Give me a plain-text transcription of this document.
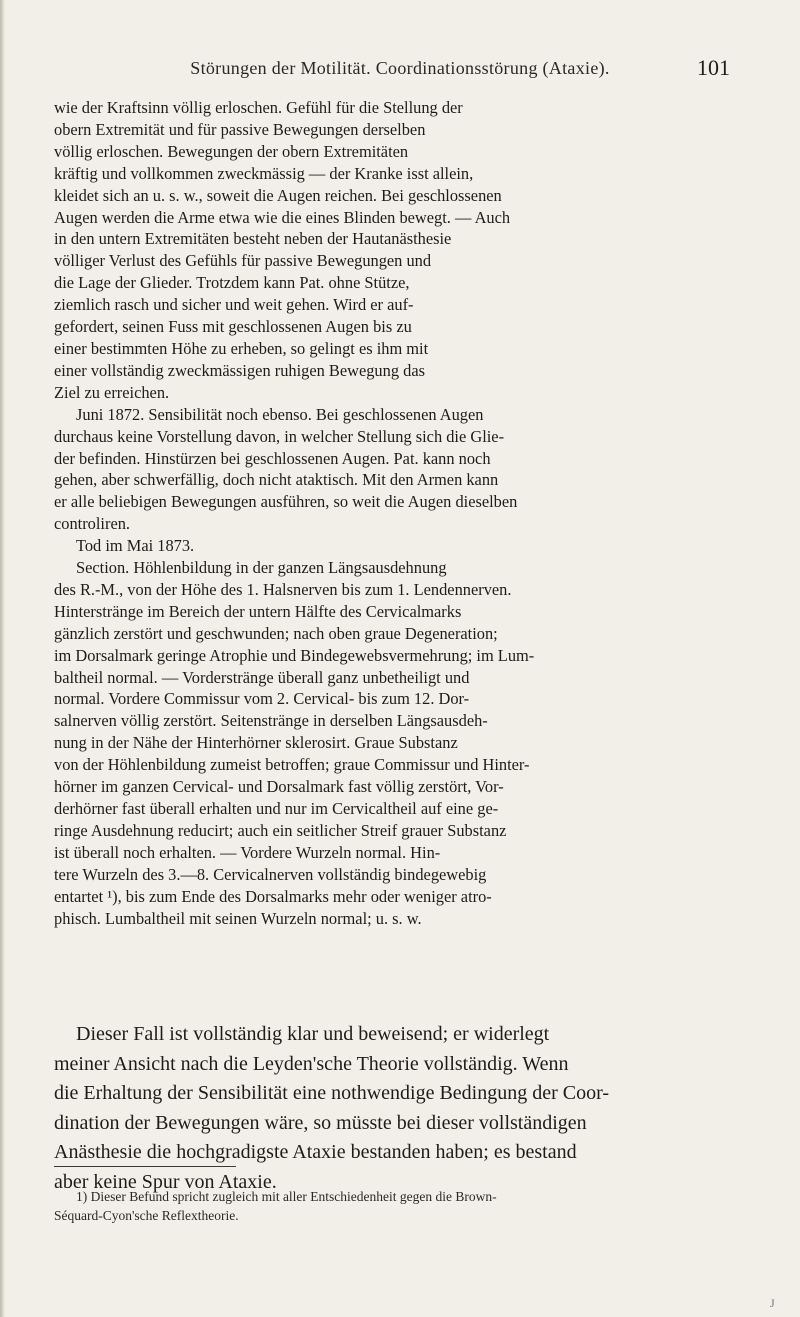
Störungen der Motilität. Coordinationsstörung (Ataxie).	101
wie der Kraftsinn völlig erloschen. Gefühl für die Stellung der
obern Extremität und für passive Bewegungen derselben
völlig erloschen. Bewegungen der obern Extremitäten
kräftig und vollkommen zweckmässig — der Kranke isst allein,
kleidet sich an u. s. w., soweit die Augen reichen. Bei geschlossenen
Augen werden die Arme etwa wie die eines Blinden bewegt. — Auch
in den untern Extremitäten besteht neben der Hautanästhesie
völliger Verlust des Gefühls für passive Bewegungen und
die Lage der Glieder. Trotzdem kann Pat. ohne Stütze,
ziemlich rasch und sicher und weit gehen. Wird er auf-
gefordert, seinen Fuss mit geschlossenen Augen bis zu
einer bestimmten Höhe zu erheben, so gelingt es ihm mit
einer vollständig zweckmässigen ruhigen Bewegung das
Ziel zu erreichen.
Juni 1872. Sensibilität noch ebenso. Bei geschlossenen Augen
durchaus keine Vorstellung davon, in welcher Stellung sich die Glie-
der befinden. Hinstürzen bei geschlossenen Augen. Pat. kann noch
gehen, aber schwerfällig, doch nicht ataktisch. Mit den Armen kann
er alle beliebigen Bewegungen ausführen, so weit die Augen dieselben
controliren.
Tod im Mai 1873.
Section. Höhlenbildung in der ganzen Längsausdehnung
des R.-M., von der Höhe des 1. Halsnerven bis zum 1. Lendennerven.
Hinterstränge im Bereich der untern Hälfte des Cervicalmarks
gänzlich zerstört und geschwunden; nach oben graue Degeneration;
im Dorsalmark geringe Atrophie und Bindegewebsvermehrung; im Lum-
baltheil normal. — Vorderstränge überall ganz unbetheiligt und
normal. Vordere Commissur vom 2. Cervical- bis zum 12. Dor-
salnerven völlig zerstört. Seitenstränge in derselben Längsausdeh-
nung in der Nähe der Hinterhörner sklerosirt. Graue Substanz
von der Höhlenbildung zumeist betroffen; graue Commissur und Hinter-
hörner im ganzen Cervical- und Dorsalmark fast völlig zerstört, Vor-
derhörner fast überall erhalten und nur im Cervicaltheil auf eine ge-
ringe Ausdehnung reducirt; auch ein seitlicher Streif grauer Substanz
ist überall noch erhalten. — Vordere Wurzeln normal. Hin-
tere Wurzeln des 3.—8. Cervicalnerven vollständig bindegewebig
entartet ¹), bis zum Ende des Dorsalmarks mehr oder weniger atro-
phisch. Lumbaltheil mit seinen Wurzeln normal; u. s. w.
Dieser Fall ist vollständig klar und beweisend; er widerlegt
meiner Ansicht nach die Leyden'sche Theorie vollständig. Wenn
die Erhaltung der Sensibilität eine nothwendige Bedingung der Coor-
dination der Bewegungen wäre, so müsste bei dieser vollständigen
Anästhesie die hochgradigste Ataxie bestanden haben; es bestand
aber keine Spur von Ataxie.
1) Dieser Befund spricht zugleich mit aller Entschiedenheit gegen die Brown-
Séquard-Cyon'sche Reflextheorie.
J
